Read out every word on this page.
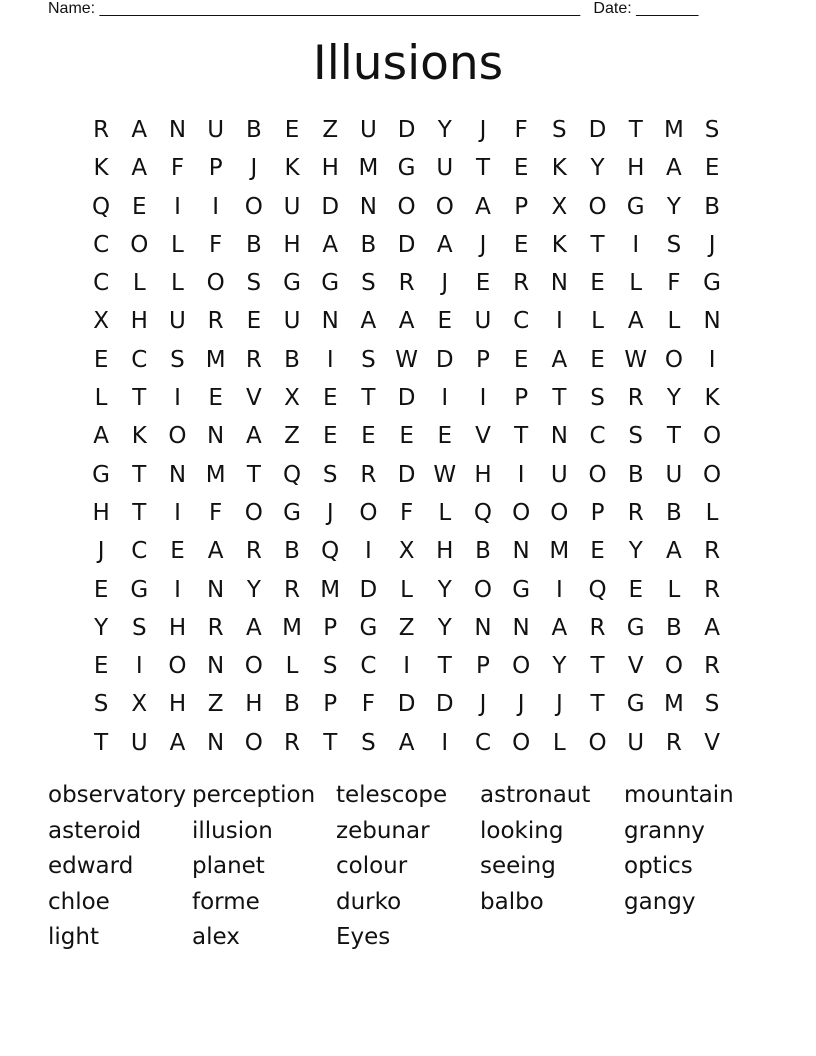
Name: ______________________________________________________   Date: _______
Illusions
R A N U B	E	Z U D Y	J	F	S D T M S
K A	F	P	J	K H M G U T	E	K	Y H A	E
Q E	I	I	O U D N O O A	P	X O G Y	B
C O L	F	B H A B D A	J	E	K	T	I	S	J
C	L	L O S G G S R	J	E R N E	L	F G
X H U R E U N A A	E U C	I	L	A	L	N
E C S M R B	I	S W D P	E	A	E W O	I
L	T	I	E	V X	E	T D	I	I	P	T	S R	Y	K
A K O N A Z	E	E	E	E	V	T N C S	T O
G T N M T Q S R D W H	I	U O B U O
H T	I	F O G	J	O F	L Q O O P	R B	L
J	C E	A R B Q	I	X H B N M E	Y	A R
E G	I	N Y	R M D L	Y O G	I	Q E	L	R
Y	S H R A M P G Z	Y N N A R G B A
E	I	O N O L	S C	I	T	P O Y	T	V O R
S	X H Z H B	P	F D D	J	J	J	T G M S
T U A N O R	T	S	A	I	C O L O U R V
observatory perception telescope	astronaut	mountain
asteroid	illusion	zebunar	looking	granny
edward	planet	colour	seeing	optics
chloe	forme	durko	balbo	gangy
light	alex	Eyes
